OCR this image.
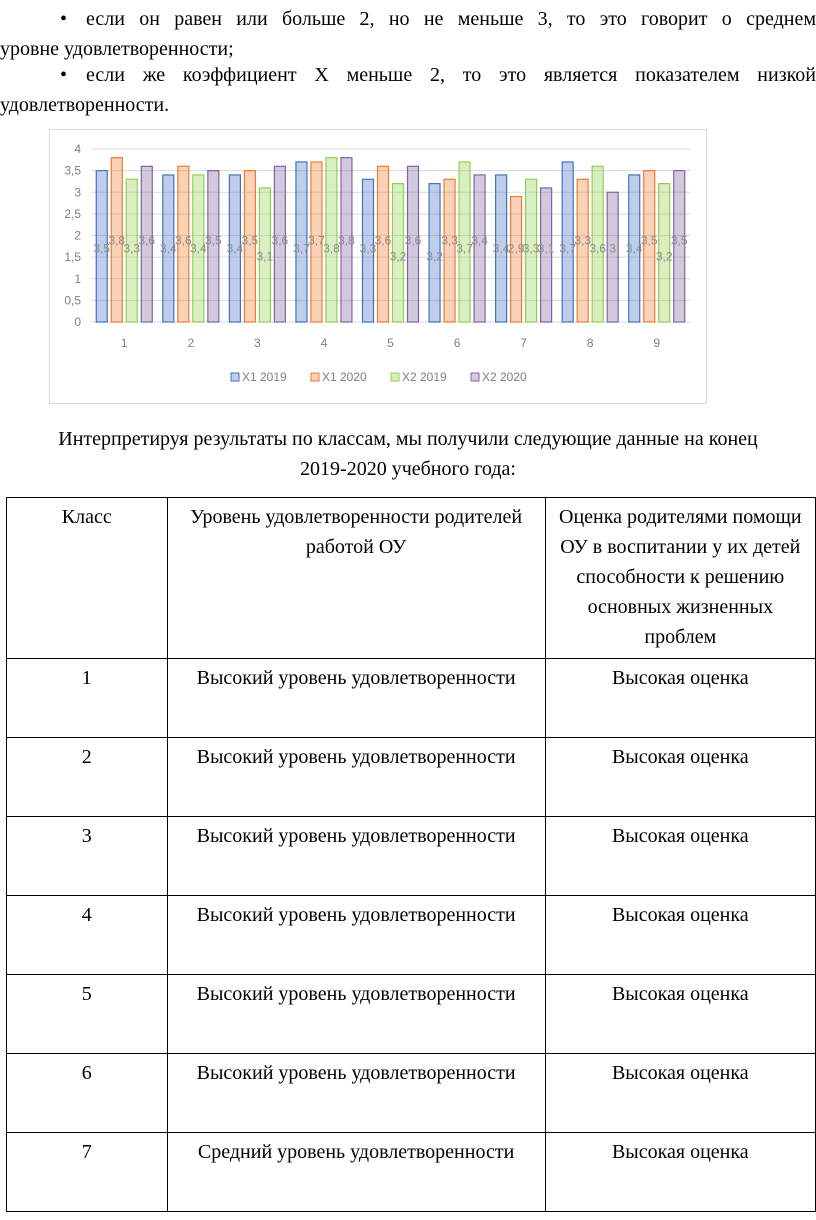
• если он равен или больше 2, но не меньше 3, то это говорит о среднем
уровне удовлетворенности;
• если же коэффициент X меньше 2, то это является показателем низкой
удовлетворенности.
0
0,5
1
1,5
2
2,5
3
3,5
4
3,5
3,8
3,3
3,6
1
3,4
3,6
3,4
3,5
2
3,4
3,5
3,1
3,6
3
3,7
3,7
3,8
3,8
4
3,3
3,6
3,2
3,6
5
3,2
3,3
3,7
3,4
6
3,4
2,9
3,3
3,1
7
3,7
3,3
3,6 3
8
3,4
3,5
3,2
3,5
9
X1 2019	X1 2020	X2 2019	X2 2020
Интерпретируя результаты по классам, мы получили следующие данные на конец
2019-2020 учебного года:
Класс	Уровень удовлетворенности родителей работой ОУ	Оценка родителями помощи ОУ в воспитании у их детей способности к решению основных жизненных проблем
1	Высокий уровень удовлетворенности	Высокая оценка
2	Высокий уровень удовлетворенности	Высокая оценка
3	Высокий уровень удовлетворенности	Высокая оценка
4	Высокий уровень удовлетворенности	Высокая оценка
5	Высокий уровень удовлетворенности	Высокая оценка
6	Высокий уровень удовлетворенности	Высокая оценка
7	Средний уровень удовлетворенности	Высокая оценка
